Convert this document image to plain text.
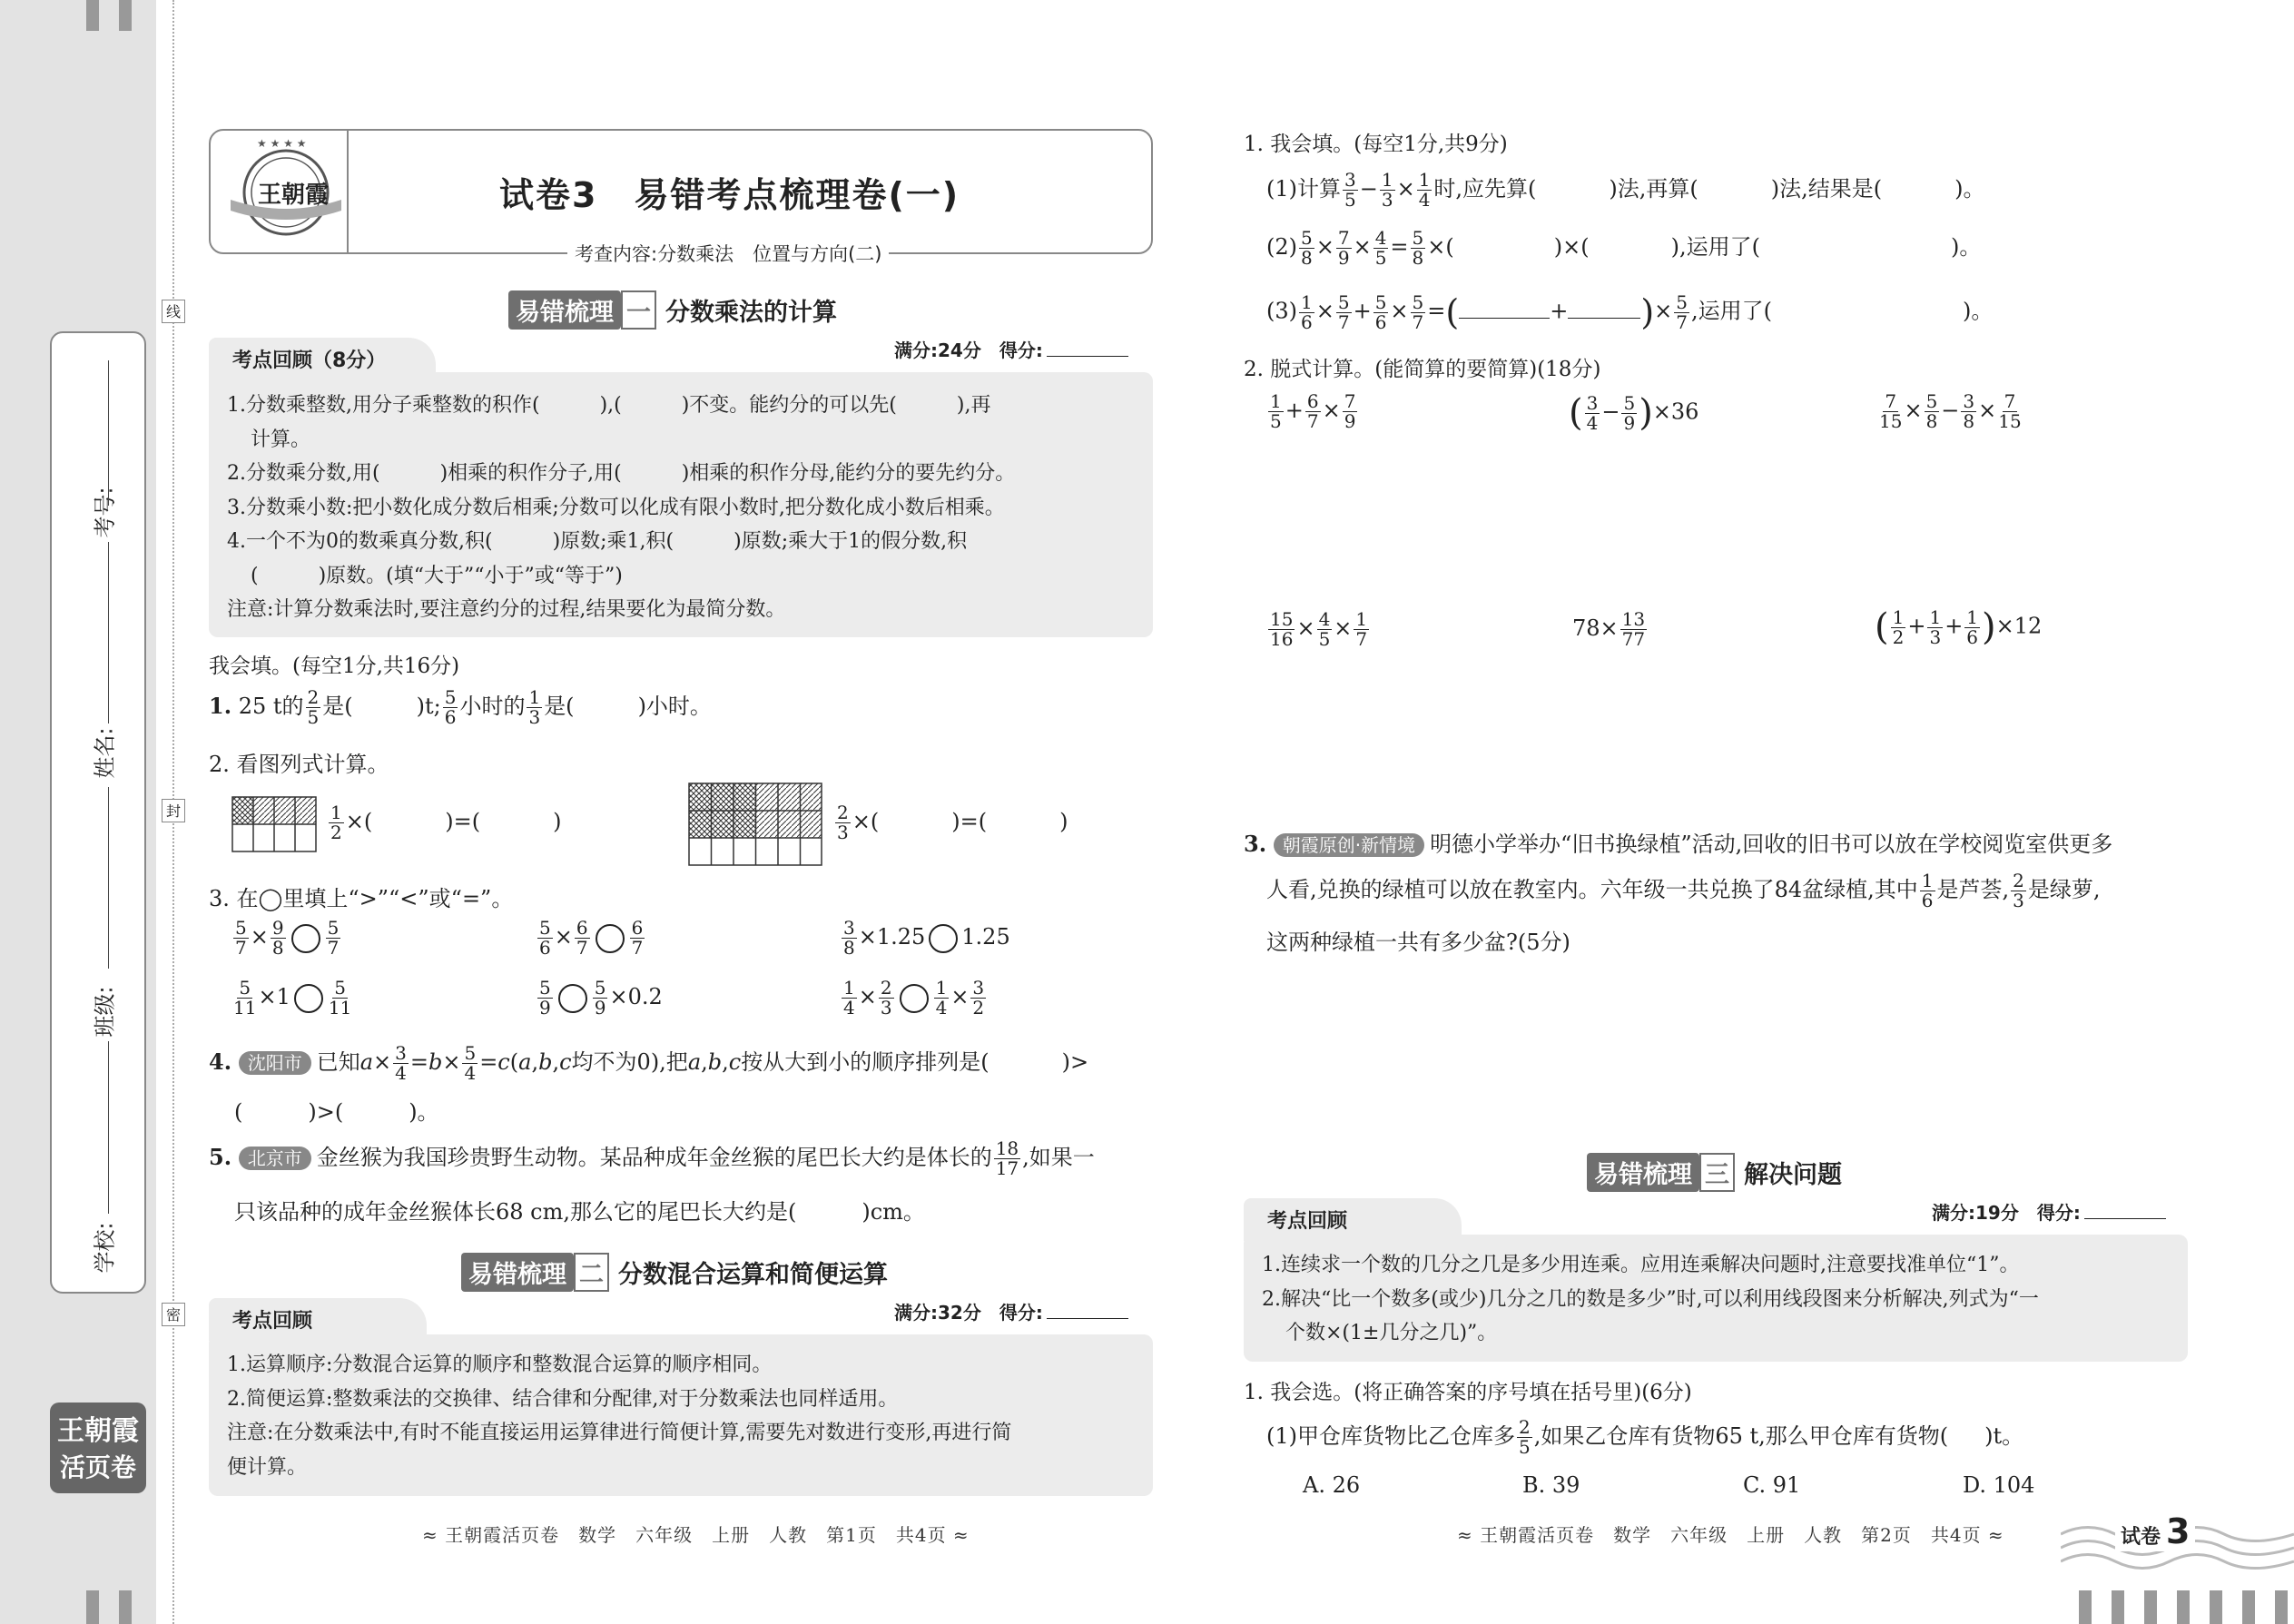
线
封
密
考号:
姓名:
班级:
学校:
王朝霞
活页卷
★ ★ ★ ★
王朝霞	试卷3　易错考点梳理卷(一)
考查内容:分数乘法　位置与方向(二)
易错梳理 一 分数乘法的计算
考点回顾（8分）	满分:24分　得分:
1.分数乘整数,用分子乘整数的积作(　　　),(　　　)不变。能约分的可以先(　　　),再
计算。
2.分数乘分数,用(　　　)相乘的积作分子,用(　　　)相乘的积作分母,能约分的要先约分。
3.分数乘小数:把小数化成分数后相乘;分数可以化成有限小数时,把分数化成小数后相乘。
4.一个不为0的数乘真分数,积(　　　)原数;乘1,积(　　　)原数;乘大于1的假分数,积
(　　　)原数。(填“大于”“小于”或“等于”)
注意:计算分数乘法时,要注意约分的过程,结果要化为最简分数。
我会填。(每空1分,共16分)
1. 25 t的 $\frac{2}{5}$ 是(	)t; $\frac{5}{6}$ 小时的 $\frac{1}{3}$ 是(	)小时。
2. 看图列式计算。
$\frac{1}{2}$ ×(	)=(	)	$\frac{2}{3}$ ×(	)=(	)
3. 在◯里填上“>”“<”或“=”。
$\frac{5}{7} \times \frac{9}{8} \frac{5}{7}$	$\frac{5}{6} \times \frac{6}{7} \frac{6}{7}$	$\frac{3}{8} \times 1.25$ 1.25
$\frac{5}{11} \times 1 \frac{5}{11}$	$\frac{5}{9} \frac{5}{9} \times 0.2$	$\frac{1}{4} \times \frac{2}{3} \frac{1}{4} \times \frac{3}{2}$
4. 沈阳市 已知$a\times \frac{3}{4} =b\times \frac{5}{4} =c(a,b,c$均不为0),把a,b,c按从大到小的顺序排列是(	)>
(　　　)>(　　　)。
5. 北京市 金丝猴为我国珍贵野生动物。某品种成年金丝猴的尾巴长大约是体长的 $\frac{18}{17}$ ,如果一
只该品种的成年金丝猴体长68 cm,那么它的尾巴长大约是(　　　)cm。
易错梳理 二 分数混合运算和简便运算
考点回顾	满分:32分　得分:
1.运算顺序:分数混合运算的顺序和整数混合运算的顺序相同。
2.简便运算:整数乘法的交换律、结合律和分配律,对于分数乘法也同样适用。
注意:在分数乘法中,有时不能直接运用运算律进行简便计算,需要先对数进行变形,再进行简
便计算。
≈ 王朝霞活页卷　数学　六年级　上册　人教　第1页　共4页 ≈
1. 我会填。(每空1分,共9分)
(1)计算 $\frac{3}{5} - \frac{1}{3} \times \frac{1}{4}$ 时,应先算(	)法,再算(	)法,结果是(	)。
$(2) \frac{5}{8} \times \frac{7}{9} \times \frac{4}{5} = \frac{5}{8}$ ×(	)×(	),运用了(	)。
$(3) \frac{1}{6} \times \frac{5}{7} + \frac{5}{6} \times \frac{5}{7}$ =(	+ )× $\frac{5}{7}$ ,运用了(	)。
2. 脱式计算。(能简算的要简算)(18分)
$\frac{1}{5} + \frac{6}{7} \times \frac{7}{9}$	( $\frac{3}{4} - \frac{5}{9} )\times 36$	$\frac{7}{15} \times \frac{5}{8} - \frac{3}{8} \times \frac{7}{15}$
$\frac{15}{16} \times \frac{4}{5} \times \frac{1}{7}$	$78\times \frac{13}{77}$	( $\frac{1}{2} + \frac{1}{3} + \frac{1}{6} )\times 12$
3. 朝霞原创·新情境 明德小学举办“旧书换绿植”活动,回收的旧书可以放在学校阅览室供更多
人看,兑换的绿植可以放在教室内。六年级一共兑换了84盆绿植,其中 $\frac{1}{6}$ 是芦荟, $\frac{2}{3}$ 是绿萝,
这两种绿植一共有多少盆?(5分)
易错梳理 三 解决问题
考点回顾	满分:19分　得分:
1.连续求一个数的几分之几是多少用连乘。应用连乘解决问题时,注意要找准单位“1”。
2.解决“比一个数多(或少)几分之几的数是多少”时,可以利用线段图来分析解决,列式为“一
个数×(1±几分之几)”。
1. 我会选。(将正确答案的序号填在括号里)(6分)
(1)甲仓库货物比乙仓库多 $\frac{2}{5}$ ,如果乙仓库有货物65 t,那么甲仓库有货物( )t。
A. 26	B. 39	C. 91	D. 104
≈ 王朝霞活页卷　数学　六年级　上册　人教　第2页　共4页 ≈	试卷 3
